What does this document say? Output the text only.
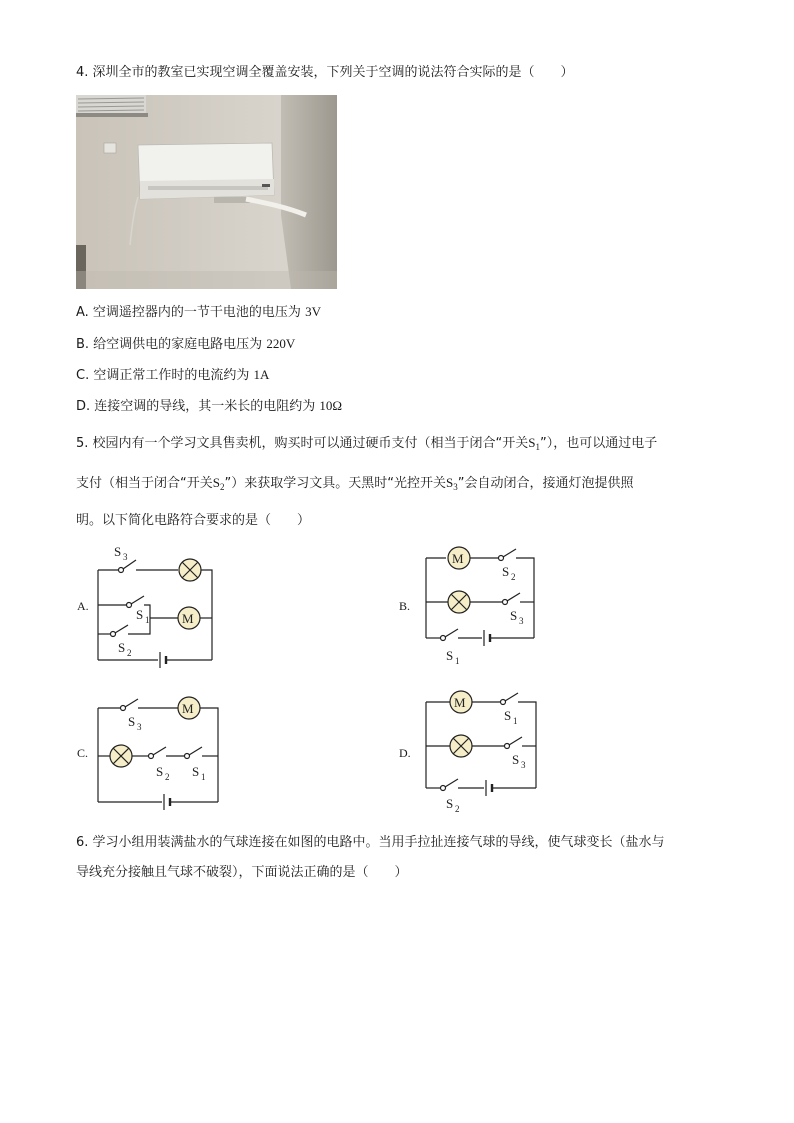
4. 深圳全市的教室已实现空调全覆盖安装，下列关于空调的说法符合实际的是（　　）
A. 空调遥控器内的一节干电池的电压为 3V
B. 给空调供电的家庭电路电压为 220V
C. 空调正常工作时的电流约为 1A
D. 连接空调的导线，其一米长的电阻约为 10Ω
5. 校园内有一个学习文具售卖机，购买时可以通过硬币支付（相当于闭合“开关$S_1$”），也可以通过电子
支付（相当于闭合“开关$S_2$”）来获取学习文具。天黑时“光控开关$S_3$”会自动闭合，接通灯泡提供照
明。以下简化电路符合要求的是（　　）
A.
S 3
S 1	M
S 2
B.
M
S 2
S 3
S 1
C.
S 3
M
S 2 S 1
D.
M
S 1
S 3
S 2
6. 学习小组用装满盐水的气球连接在如图的电路中。当用手拉扯连接气球的导线，使气球变长（盐水与
导线充分接触且气球不破裂），下面说法正确的是（　　）
